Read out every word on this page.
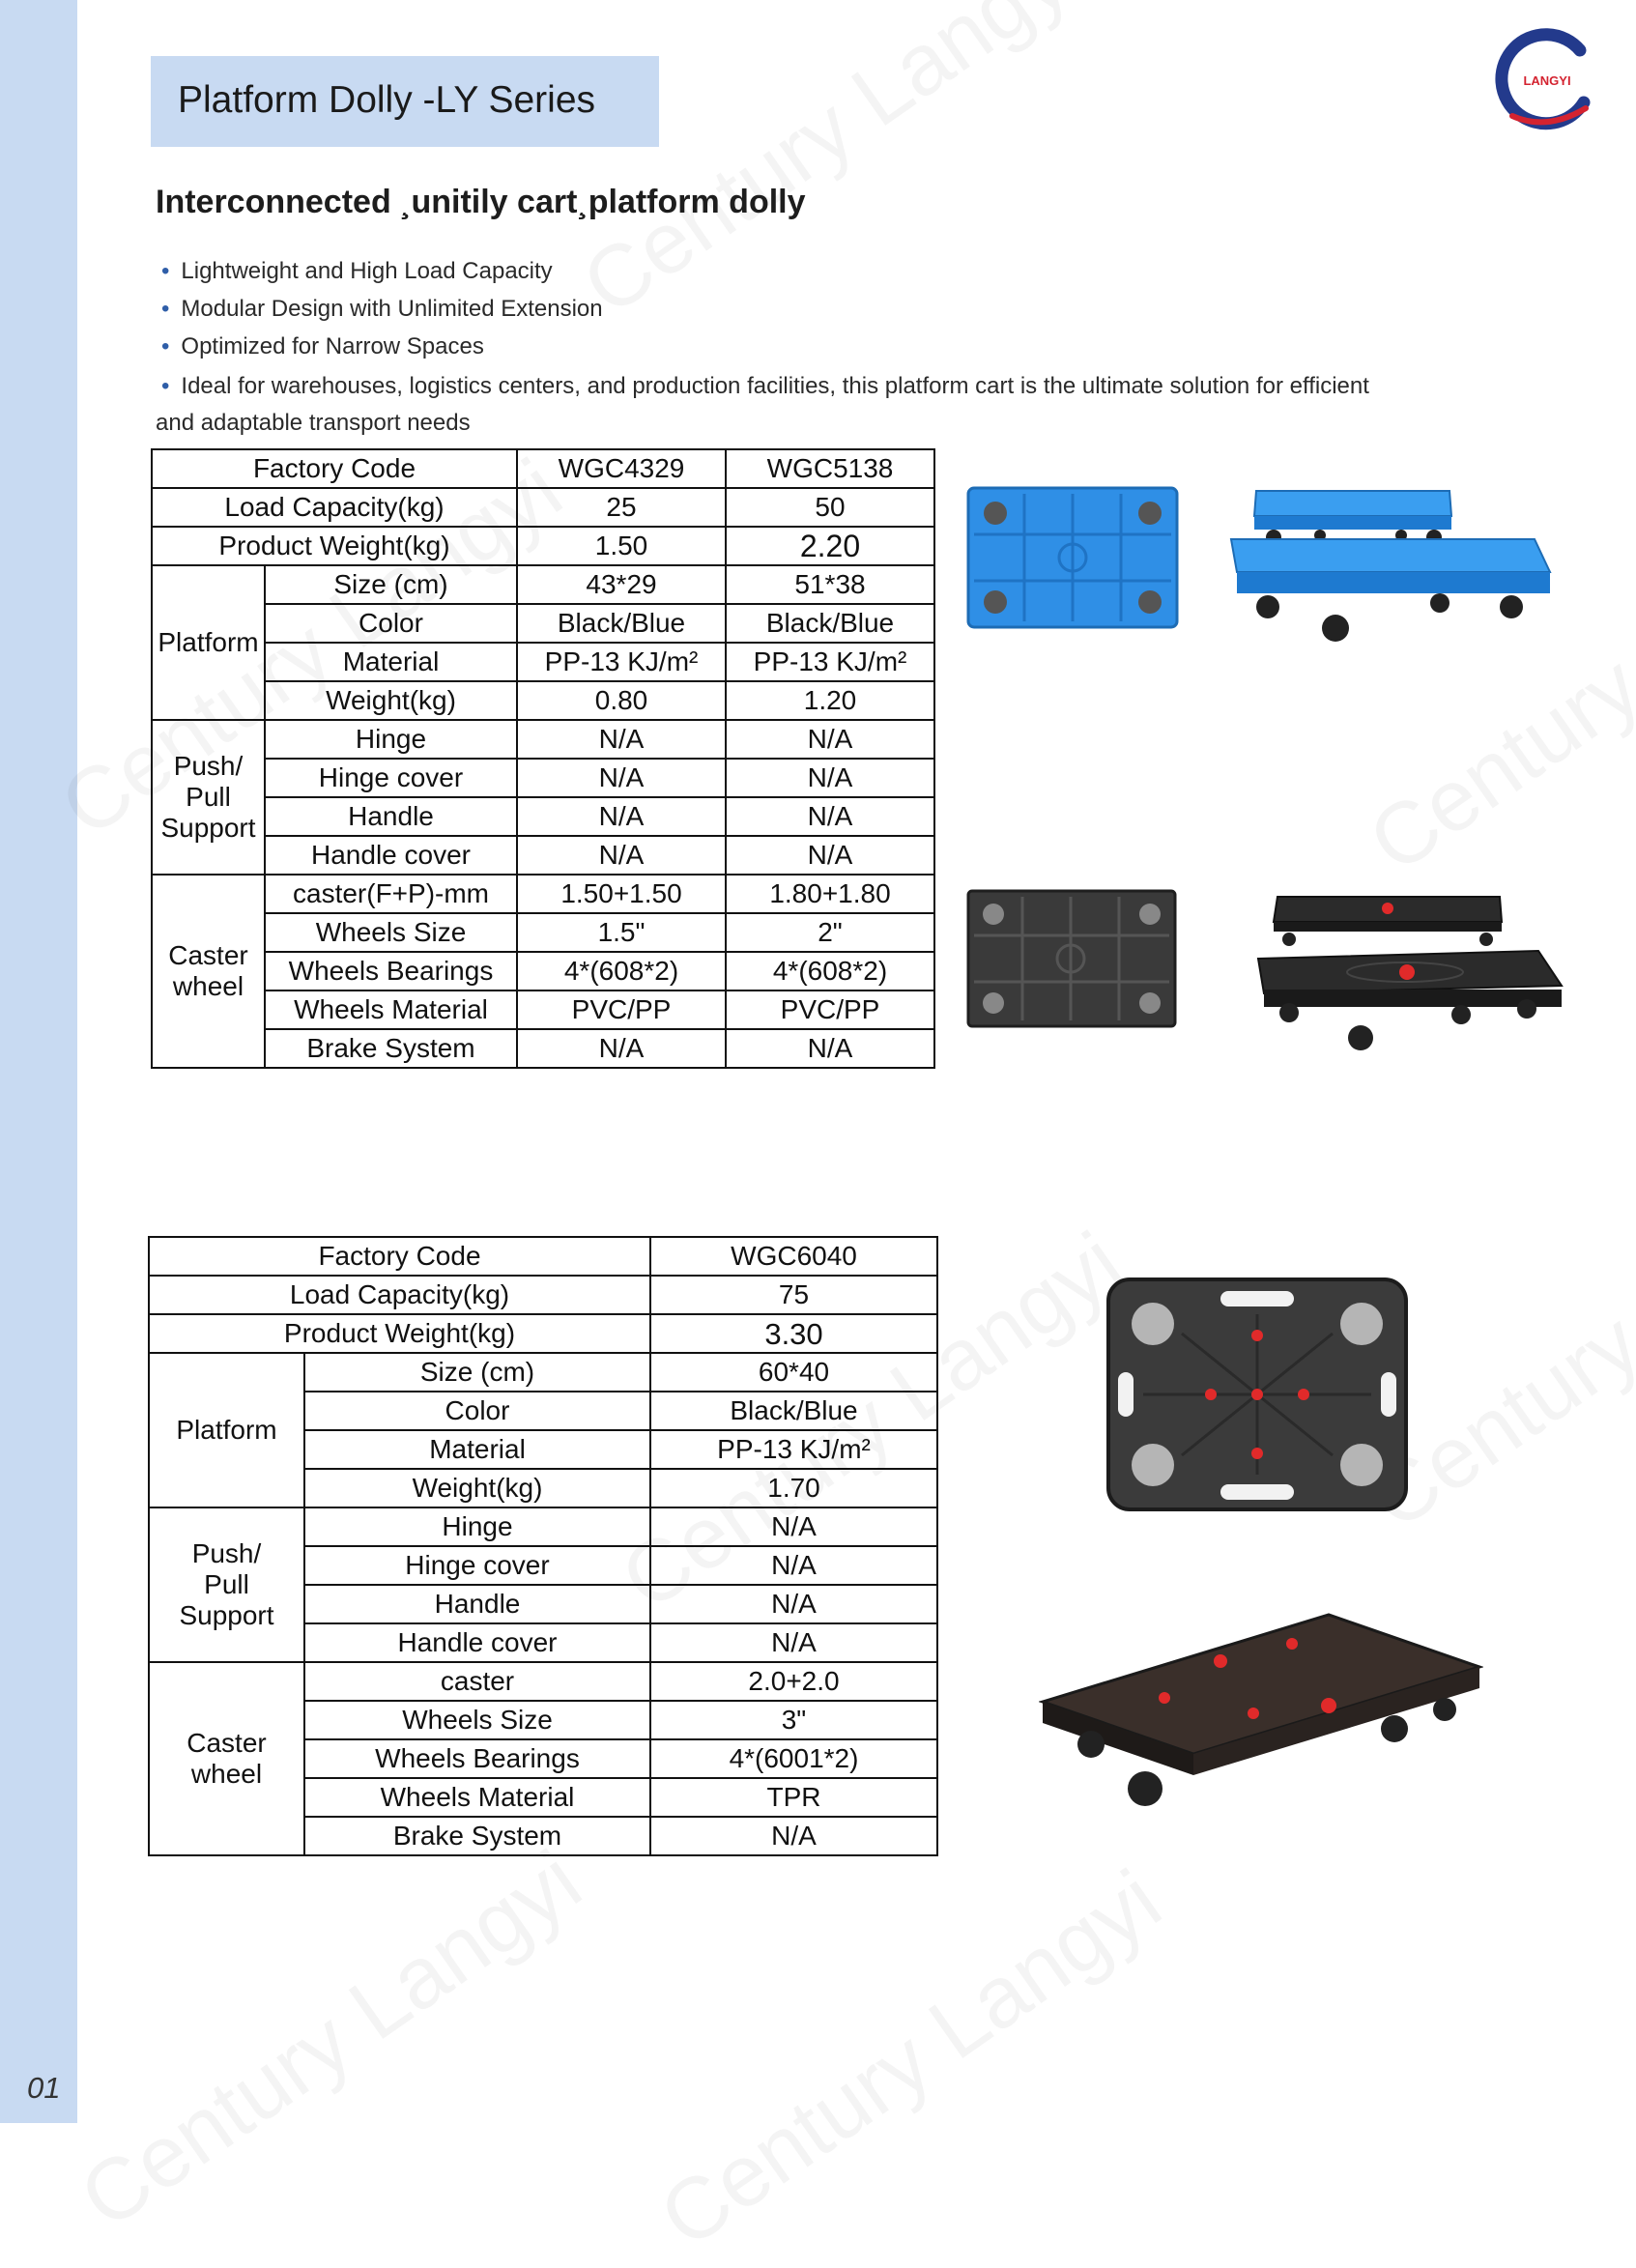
Platform Dolly -LY Series	LANGYI
Interconnected ¸unitily cart¸platform dolly
• Lightweight and High Load Capacity
• Modular Design with Unlimited Extension
• Optimized for Narrow Spaces
• Ideal for warehouses, logistics centers, and production facilities, this platform cart is the ultimate solution for efficient and adaptable transport needs
Factory Code		WGC4329	WGC5138
Load Capacity(kg)		25	50
Product Weight(kg)		1.50	2.20
Platform	Size (cm)	43*29	51*38
	Color	Black/Blue	Black/Blue
	Material	PP-13 KJ/m²	PP-13 KJ/m²
	Weight(kg)	0.80	1.20
Push/
Pull
Support	Hinge	N/A	N/A
	Hinge cover	N/A	N/A
	Handle	N/A	N/A
	Handle cover	N/A	N/A
Caster
wheel	caster(F+P)-mm	1.50+1.50	1.80+1.80
	Wheels Size	1.5"	2"
	Wheels Bearings	4*(608*2)	4*(608*2)
	Wheels Material	PVC/PP	PVC/PP
	Brake System	N/A	N/A
Factory Code		WGC6040
Load Capacity(kg)		75
Product Weight(kg)		3.30
Platform	Size (cm)	60*40
	Color	Black/Blue
	Material	PP-13 KJ/m²
	Weight(kg)	1.70
Push/
Pull
Support	Hinge	N/A
	Hinge cover	N/A
	Handle	N/A
	Handle cover	N/A
Caster
wheel	caster	2.0+2.0
	Wheels Size	3"
	Wheels Bearings	4*(6001*2)
	Wheels Material	TPR
	Brake System	N/A
01
